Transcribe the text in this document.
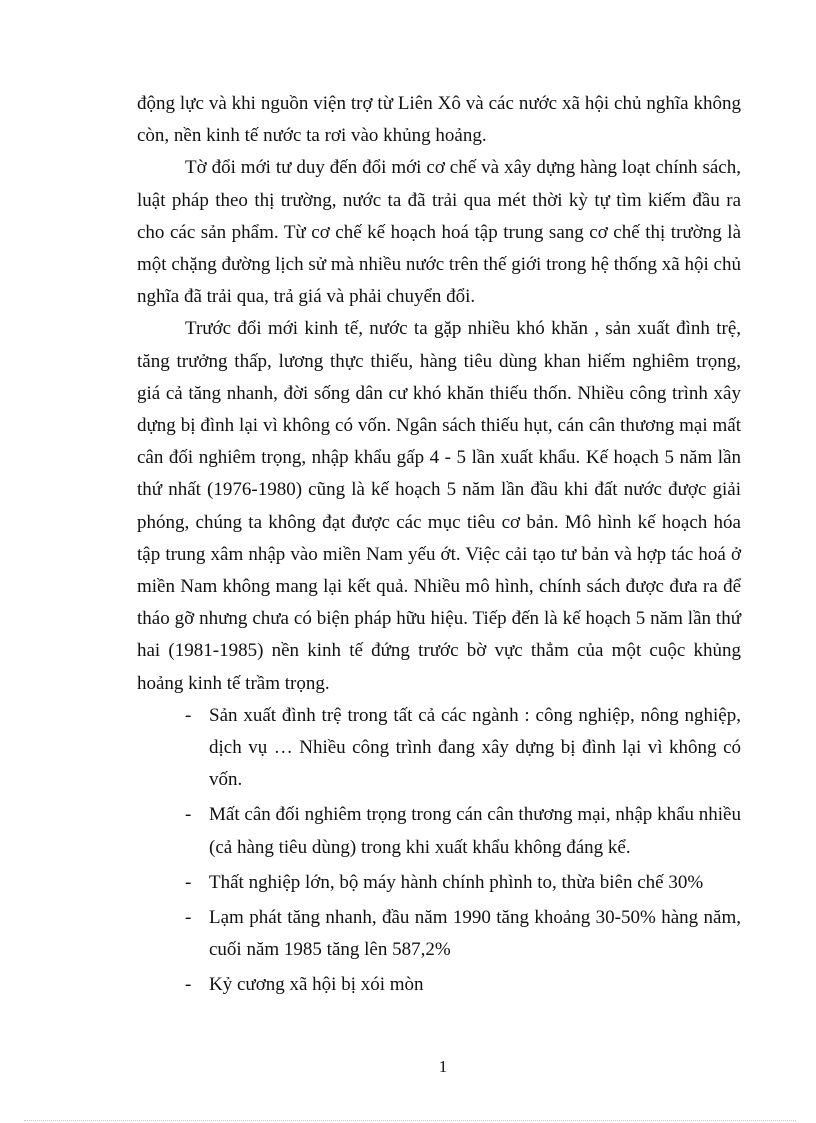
động lực và khi nguồn viện trợ từ Liên Xô và các nước xã hội chủ nghĩa không còn, nền kinh tế nước ta rơi vào khủng hoảng.

Tờ đổi mới tư duy đến đổi mới cơ chế và xây dựng hàng loạt chính sách, luật pháp theo thị trường, nước ta đã trải qua mét thời kỳ tự tìm kiếm đầu ra cho các sản phẩm. Từ cơ chế kế hoạch hoá tập trung sang cơ chế thị trường là một chặng đường lịch sử mà nhiều nước trên thế giới trong hệ thống xã hội chủ nghĩa đã trải qua, trả giá và phải chuyển đổi.

Trước đổi mới kinh tế, nước ta gặp nhiều khó khăn , sản xuất đình trệ, tăng trưởng thấp, lương thực thiếu, hàng tiêu dùng khan hiếm nghiêm trọng, giá cả tăng nhanh, đời sống dân cư khó khăn thiếu thốn. Nhiều công trình xây dựng bị đình lại vì không có vốn. Ngân sách thiếu hụt, cán cân thương mại mất cân đối nghiêm trọng, nhập khẩu gấp 4 - 5 lần xuất khẩu. Kế hoạch 5 năm lần thứ nhất (1976-1980) cũng là kế hoạch 5 năm lần đầu khi đất nước được giải phóng, chúng ta không đạt được các mục tiêu cơ bản. Mô hình kế hoạch hóa tập trung xâm nhập vào miền Nam yếu ớt. Việc cải tạo tư bản và hợp tác hoá ở miền Nam không mang lại kết quả. Nhiều mô hình, chính sách được đưa ra để tháo gỡ nhưng chưa có biện pháp hữu hiệu. Tiếp đến là kế hoạch 5 năm lần thứ hai (1981-1985) nền kinh tế đứng trước bờ vực thẳm của một cuộc khủng hoảng kinh tế trầm trọng.

- Sản xuất đình trệ trong tất cả các ngành : công nghiệp, nông nghiệp, dịch vụ … Nhiều công trình đang xây dựng bị đình lại vì không có vốn.
- Mất cân đối nghiêm trọng trong cán cân thương mại, nhập khẩu nhiều (cả hàng tiêu dùng) trong khi xuất khẩu không đáng kể.
- Thất nghiệp lớn, bộ máy hành chính phình to, thừa biên chế 30%
- Lạm phát tăng nhanh, đầu năm 1990 tăng khoảng 30-50% hàng năm, cuối năm 1985 tăng lên 587,2%
- Kỷ cương xã hội bị xói mòn
1
